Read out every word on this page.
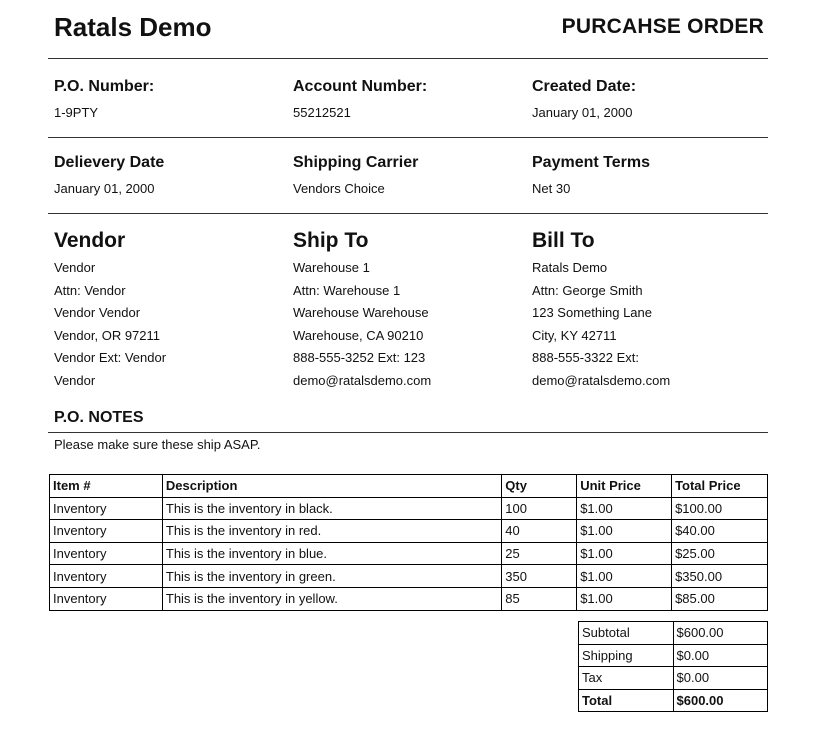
Ratals Demo	PURCAHSE ORDER
P.O. Number:
1-9PTY
Account Number:
55212521
Created Date:
January 01, 2000
Delievery Date
January 01, 2000
Shipping Carrier
Vendors Choice
Payment Terms
Net 30
Vendor
Vendor
Attn: Vendor
Vendor Vendor
Vendor, OR 97211
Vendor Ext: Vendor
Vendor
Ship To
Warehouse 1
Attn: Warehouse 1
Warehouse Warehouse
Warehouse, CA 90210
888-555-3252 Ext: 123
demo@ratalsdemo.com
Bill To
Ratals Demo
Attn: George Smith
123 Something Lane
City, KY 42711
888-555-3322 Ext:
demo@ratalsdemo.com
P.O. NOTES
Please make sure these ship ASAP.
Item #	Description	Qty	Unit Price	Total Price
Inventory	This is the inventory in black.	100	$1.00	$100.00
Inventory	This is the inventory in red.	40	$1.00	$40.00
Inventory	This is the inventory in blue.	25	$1.00	$25.00
Inventory	This is the inventory in green.	350	$1.00	$350.00
Inventory	This is the inventory in yellow.	85	$1.00	$85.00
Subtotal	$600.00
Shipping	$0.00
Tax	$0.00
Total	$600.00
